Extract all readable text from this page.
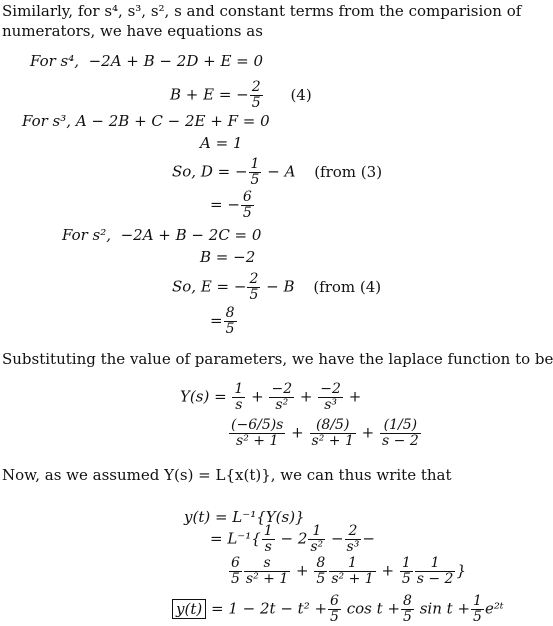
Similarly, for s⁴, s³, s², s and constant terms from the comparision of
numerators, we have equations as
For s⁴, −2A + B − 2D + E = 0
B + E = − $\frac{2}{5} (4)$
For s³, A − 2B + C − 2E + F = 0
A = 1
So, D = − $\frac{1}{5} - A$ (from (3)
= − $\frac{6}{5}$
For s², −2A + B − 2C = 0
B = −2
So, E = − $\frac{2}{5} - B$ (from (4)
= $\frac{8}{5}$
Substituting the value of parameters, we have the laplace function to be
$Y(s) = \frac{1}{s} + \frac{-2}{\text{s²}} + \frac{-2}{\text{s³}}$ +
$\frac{(-6/5)s}{\text{s² + 1}} + \frac{(8/5)}{\text{s² + 1}} + \frac{(1/5)}{s - 2}$
Now, as we assumed Y(s) = L{x(t)}, we can thus write that
y(t) = L⁻¹{Y(s)}
= $L^{-1}\{ \frac{1}{s} - 2 \frac{1}{\text{s²}} - \frac{2}{\text{s³}}$ −
$\frac{6}{5} \frac{s}{\text{s² + 1}} + \frac{8}{5} \frac{1}{\text{s² + 1}} + \frac{1}{5} \frac{1}{s - 2}$ }
$y(t) = 1 - 2t - t^2 + \frac{6}{5}$ $\cos t + \frac{8}{5}$ $\sin t + \frac{1}{5}$ e²ᵗ
